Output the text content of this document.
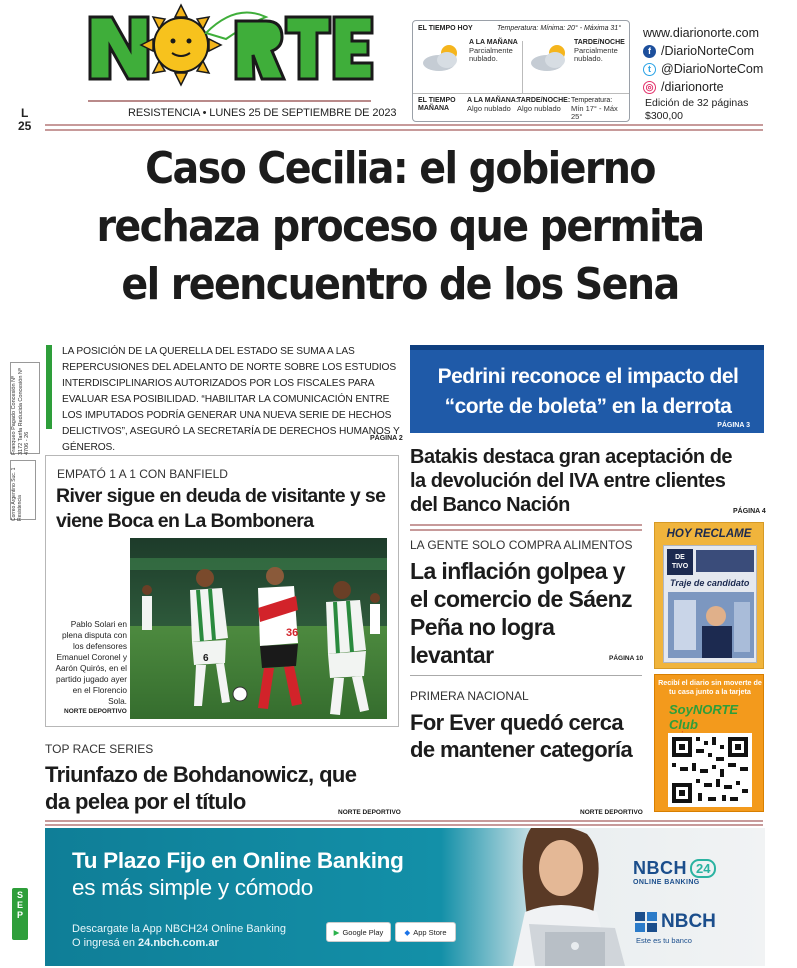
RESISTENCIA • LUNES 25 DE SEPTIEMBRE DE 2023
EL TIEMPO HOY	Temperatura: Mínima: 20° - Máxima 31°
A LA MAÑANA
Parcialmente nublado.
TARDE/NOCHE
Parcialmente nublado.
EL TIEMPO MAÑANA
A LA MAÑANA:
Algo nublado
TARDE/NOCHE:
Algo nublado
Temperatura:
Mín 17° - Máx 25°
www.diarionorte.com
f /DiarioNorteCom
t @DiarioNorteCom
◎ /diarionorte
Edición de 32 páginas
$300,00
L
25
Caso Cecilia: el gobierno
rechaza proceso que permita
el reencuentro de los Sena
LA POSICIÓN DE LA QUERELLA DEL ESTADO SE SUMA A LAS REPERCUSIONES DEL ADELANTO DE NORTE SOBRE LOS ESTUDIOS INTERDISCIPLINARIOS AUTORIZADOS POR LOS FISCALES PARA EVALUAR ESA POSIBILIDAD. “HABILITAR LA COMUNICACIÓN ENTRE LOS IMPUTADOS PODRÍA GENERAR UNA NUEVA SERIE DE HECHOS DELICTIVOS”, ASEGURÓ LA SECRETARÍA DE DERECHOS HUMANOS Y GÉNEROS.
PÁGINA 2
Franqueo Pagado Concesión Nº 3172 Tarifa Reducida Concesión Nº 4706 - 26
Correo Argentino Suc. 1 Resistencia
Pedrini reconoce el impacto del “corte de boleta” en la derrota
PÁGINA 3
EMPATÓ 1 A 1 CON BANFIELD
River sigue en deuda de visitante y se viene Boca en La Bombonera
6
36
Pablo Solari en plena disputa con los defensores Emanuel Coronel y Aarón Quirós, en el partido jugado ayer en el Florencio Sola.
NORTE DEPORTIVO
Batakis destaca gran aceptación de la devolución del IVA entre clientes del Banco Nación	PÁGINA 4
LA GENTE SOLO COMPRA ALIMENTOS
La inflación golpea y el comercio de Sáenz Peña no logra levantar	PÁGINA 10
PRIMERA NACIONAL
For Ever quedó cerca de mantener categoría
NORTE DEPORTIVO
TOP RACE SERIES
Triunfazo de Bohdanowicz, que da pelea por el título	NORTE DEPORTIVO
HOY RECLAME
DE TIVO
Traje de candidato
Recibí el diario sin moverte de tu casa junto a la tarjeta
SoyNORTE Club
Tu Plazo Fijo en Online Banking
es más simple y cómodo
Descargate la App NBCH24 Online Banking
O ingresá en 24.nbch.com.ar
▶ Google Play	◆ App Store
NBCH 24
ONLINE BANKING
NBCH
Este es tu banco
SEP
